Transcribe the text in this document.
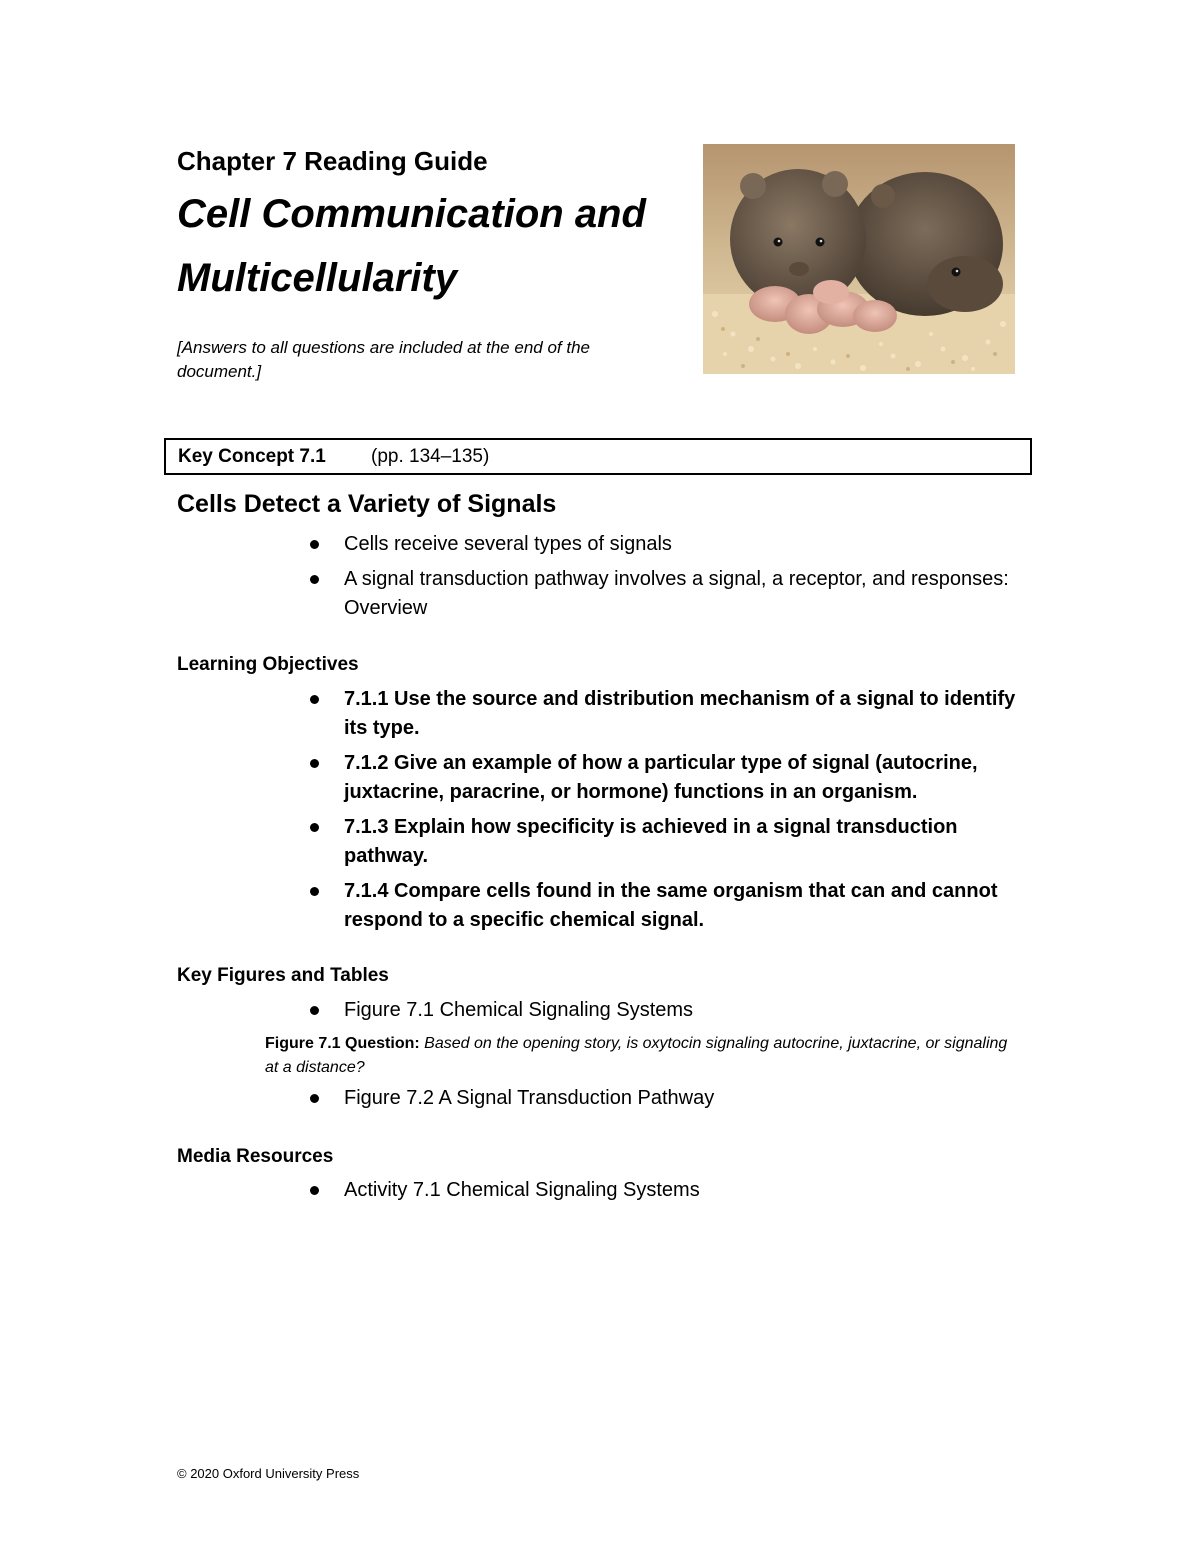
Chapter 7 Reading Guide
Cell Communication and
Multicellularity
[Answers to all questions are included at the end of the document.]
Key Concept 7.1 (pp. 134–135)
Cells Detect a Variety of Signals
Cells receive several types of signals
A signal transduction pathway involves a signal, a receptor, and responses: Overview
Learning Objectives
7.1.1 Use the source and distribution mechanism of a signal to identify its type.
7.1.2 Give an example of how a particular type of signal (autocrine, juxtacrine, paracrine, or hormone) functions in an organism.
7.1.3 Explain how specificity is achieved in a signal transduction pathway.
7.1.4 Compare cells found in the same organism that can and cannot respond to a specific chemical signal.
Key Figures and Tables
Figure 7.1 Chemical Signaling Systems
Figure 7.1 Question: Based on the opening story, is oxytocin signaling autocrine, juxtacrine, or signaling at a distance?
Figure 7.2 A Signal Transduction Pathway
Media Resources
Activity 7.1 Chemical Signaling Systems
© 2020 Oxford University Press
